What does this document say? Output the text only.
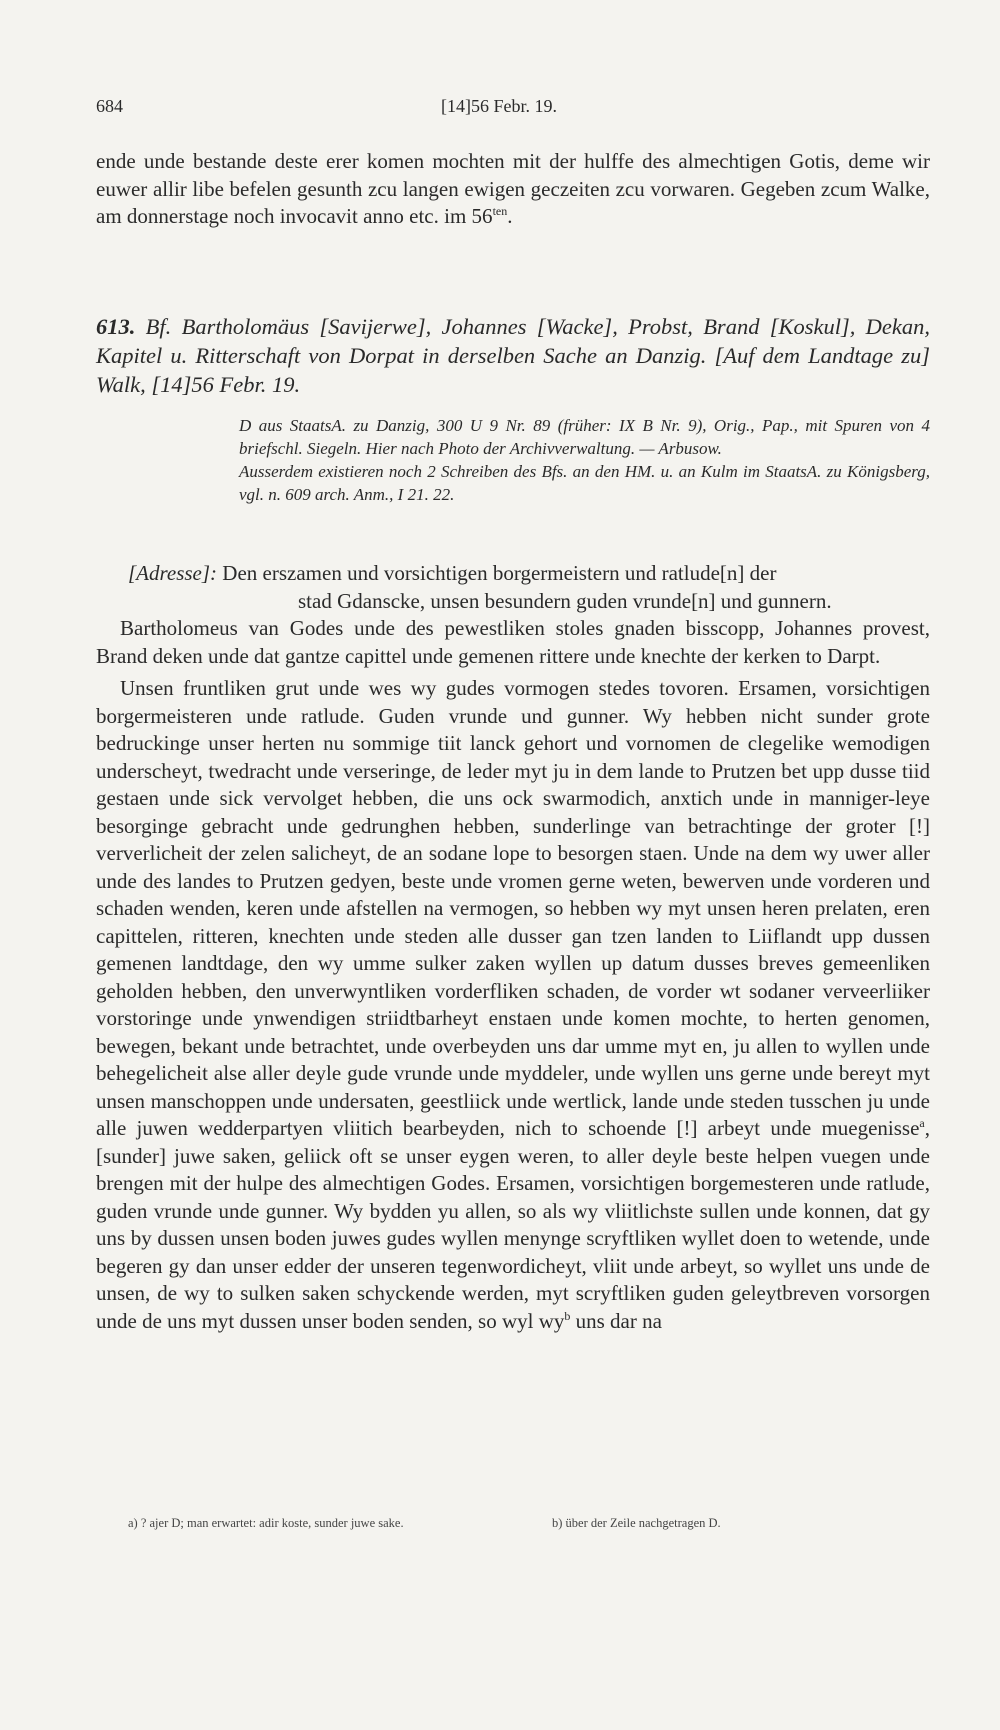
684	[14]56 Febr. 19.

ende unde bestande deste erer komen mochten mit der hulffe des almechtigen Gotis, deme wir euwer allir libe befelen gesunth zcu langen ewigen geczeiten zcu vorwaren. Gegeben zcum Walke, am donnerstage noch invocavit anno etc. im $56^{ten}$.

613. Bf. Bartholomäus [Savijerwe], Johannes [Wacke], Probst, Brand [Koskul], Dekan, Kapitel u. Ritterschaft von Dorpat in derselben Sache an Danzig. [Auf dem Landtage zu] Walk, [14]56 Febr. 19.

D aus StaatsA. zu Danzig, 300 U 9 Nr. 89 (früher: IX B Nr. 9), Orig., Pap., mit Spuren von 4 briefschl. Siegeln. Hier nach Photo der Archivverwaltung. — Arbusow.

Ausserdem existieren noch 2 Schreiben des Bfs. an den HM. u. an Kulm im StaatsA. zu Königsberg, vgl. n. 609 arch. Anm., I 21. 22.

[Adresse]: Den erszamen und vorsichtigen borgermeistern und ratlude[n] der

stad Gdanscke, unsen besundern guden vrunde[n] und gunnern.

Bartholomeus van Godes unde des pewestliken stoles gnaden bisscopp, Johannes provest, Brand deken unde dat gantze capittel unde gemenen rittere unde knechte der kerken to Darpt.

Unsen fruntliken grut unde wes wy gudes vormogen stedes tovoren. Ersamen, vorsichtigen borgermeisteren unde ratlude. Guden vrunde und gunner. Wy hebben nicht sunder grote bedruckinge unser herten nu sommige tiit lanck gehort und vornomen de clegelike wemodigen underscheyt, twedracht unde verseringe, de leder myt ju in dem lande to Prutzen bet upp dusse tiid gestaen unde sick vervolget hebben, die uns ock swarmodich, anxtich unde in manniger-leye besorginge gebracht unde gedrunghen hebben, sunderlinge van betrachtinge der groter [!] ververlicheit der zelen salicheyt, de an sodane lope to besorgen staen. Unde na dem wy uwer aller unde des landes to Prutzen gedyen, beste unde vromen gerne weten, bewerven unde vorderen und schaden wenden, keren unde afstellen na vermogen, so hebben wy myt unsen heren prelaten, eren capittelen, ritteren, knechten unde steden alle dusser gan tzen landen to Liiflandt upp dussen gemenen landtdage, den wy umme sulker zaken wyllen up datum dusses breves gemeenliken geholden hebben, den unverwyntliken vorderfliken schaden, de vorder wt sodaner verveerliiker vorstoringe unde ynwendigen striidtbarheyt enstaen unde komen mochte, to herten genomen, bewegen, bekant unde betrachtet, unde overbeyden uns dar umme myt en, ju allen to wyllen unde behegelicheit alse aller deyle gude vrunde unde myddeler, unde wyllen uns gerne unde bereyt myt unsen manschoppen unde undersaten, geestliick unde wertlick, lande unde steden tusschen ju unde alle juwen wedderpartyen vliitich bearbeyden, nich to schoende [!] arbeyt unde muegenisse$^a$, [sunder] juwe saken, geliick oft se unser eygen weren, to aller deyle beste helpen vuegen unde brengen mit der hulpe des almechtigen Godes. Ersamen, vorsichtigen borgemesteren unde ratlude, guden vrunde unde gunner. Wy bydden yu allen, so als wy vliitlichste sullen unde konnen, dat gy uns by dussen unsen boden juwes gudes wyllen menynge scryftliken wyllet doen to wetende, unde begeren gy dan unser edder der unseren tegenwordicheyt, vliit unde arbeyt, so wyllet uns unde de unsen, de wy to sulken saken schyckende werden, myt scryftliken guden geleytbreven vorsorgen unde de uns myt dussen unser boden senden, so wyl $wy^b$ uns dar na

a) ? ajer D; man erwartet: adir koste, sunder juwe sake.	b) über der Zeile nachgetragen D.
